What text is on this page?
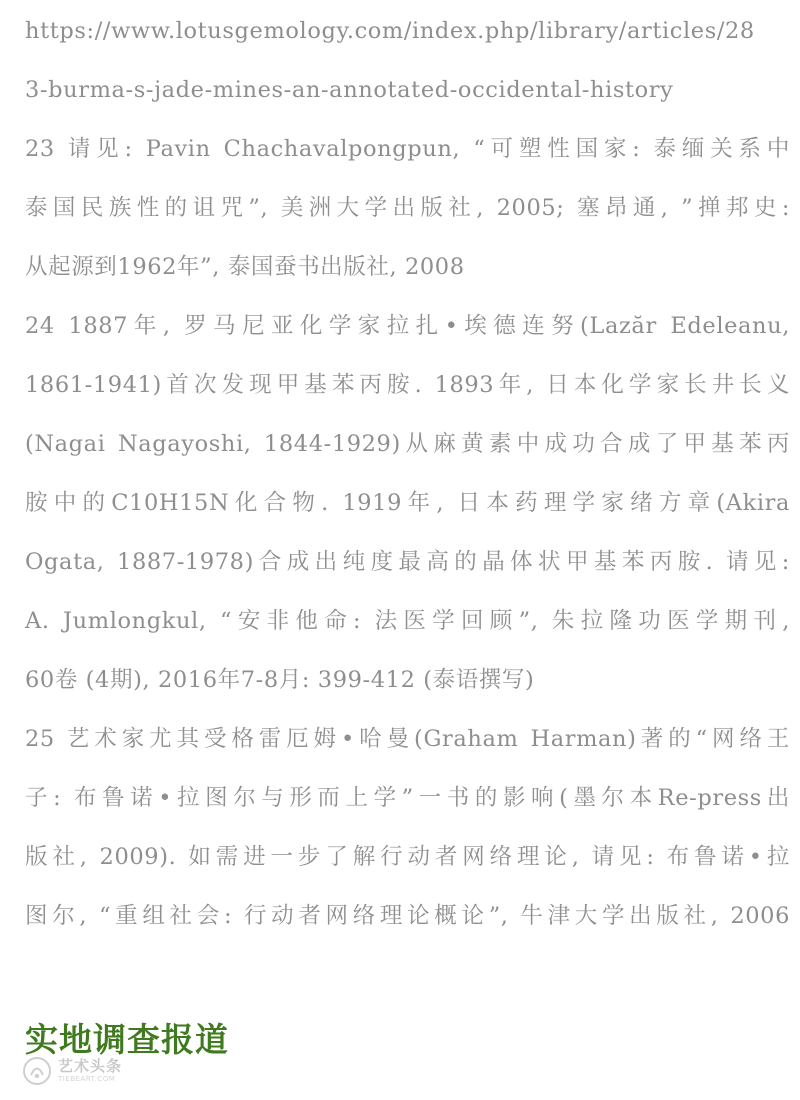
https://www.lotusgemology.com/index.php/library/articles/28
3-burma-s-jade-mines-an-annotated-occidental-history
23 请见: Pavin Chachavalpongpun, “可塑性国家: 泰缅关系中
泰国民族性的诅咒”, 美洲大学出版社, 2005; 塞昂通, ”掸邦史:
从起源到1962年”, 泰国蚕书出版社, 2008
24 1887年, 罗马尼亚化学家拉扎•埃德连努(Lazăr Edeleanu,
1861-1941)首次发现甲基苯丙胺. 1893年, 日本化学家长井长义
(Nagai Nagayoshi, 1844-1929)从麻黄素中成功合成了甲基苯丙
胺中的C10H15N化合物. 1919年, 日本药理学家绪方章(Akira
Ogata, 1887-1978)合成出纯度最高的晶体状甲基苯丙胺. 请见:
A. Jumlongkul, “安非他命: 法医学回顾”, 朱拉隆功医学期刊,
60卷 (4期), 2016年7-8月: 399-412 (泰语撰写)
25 艺术家尤其受格雷厄姆•哈曼(Graham Harman)著的“网络王
子: 布鲁诺•拉图尔与形而上学”一书的影响(墨尔本Re-press出
版社, 2009). 如需进一步了解行动者网络理论, 请见: 布鲁诺•拉
图尔, “重组社会: 行动者网络理论概论”, 牛津大学出版社, 2006
实地调查报道
艺术头条
TIEBEART.COM
